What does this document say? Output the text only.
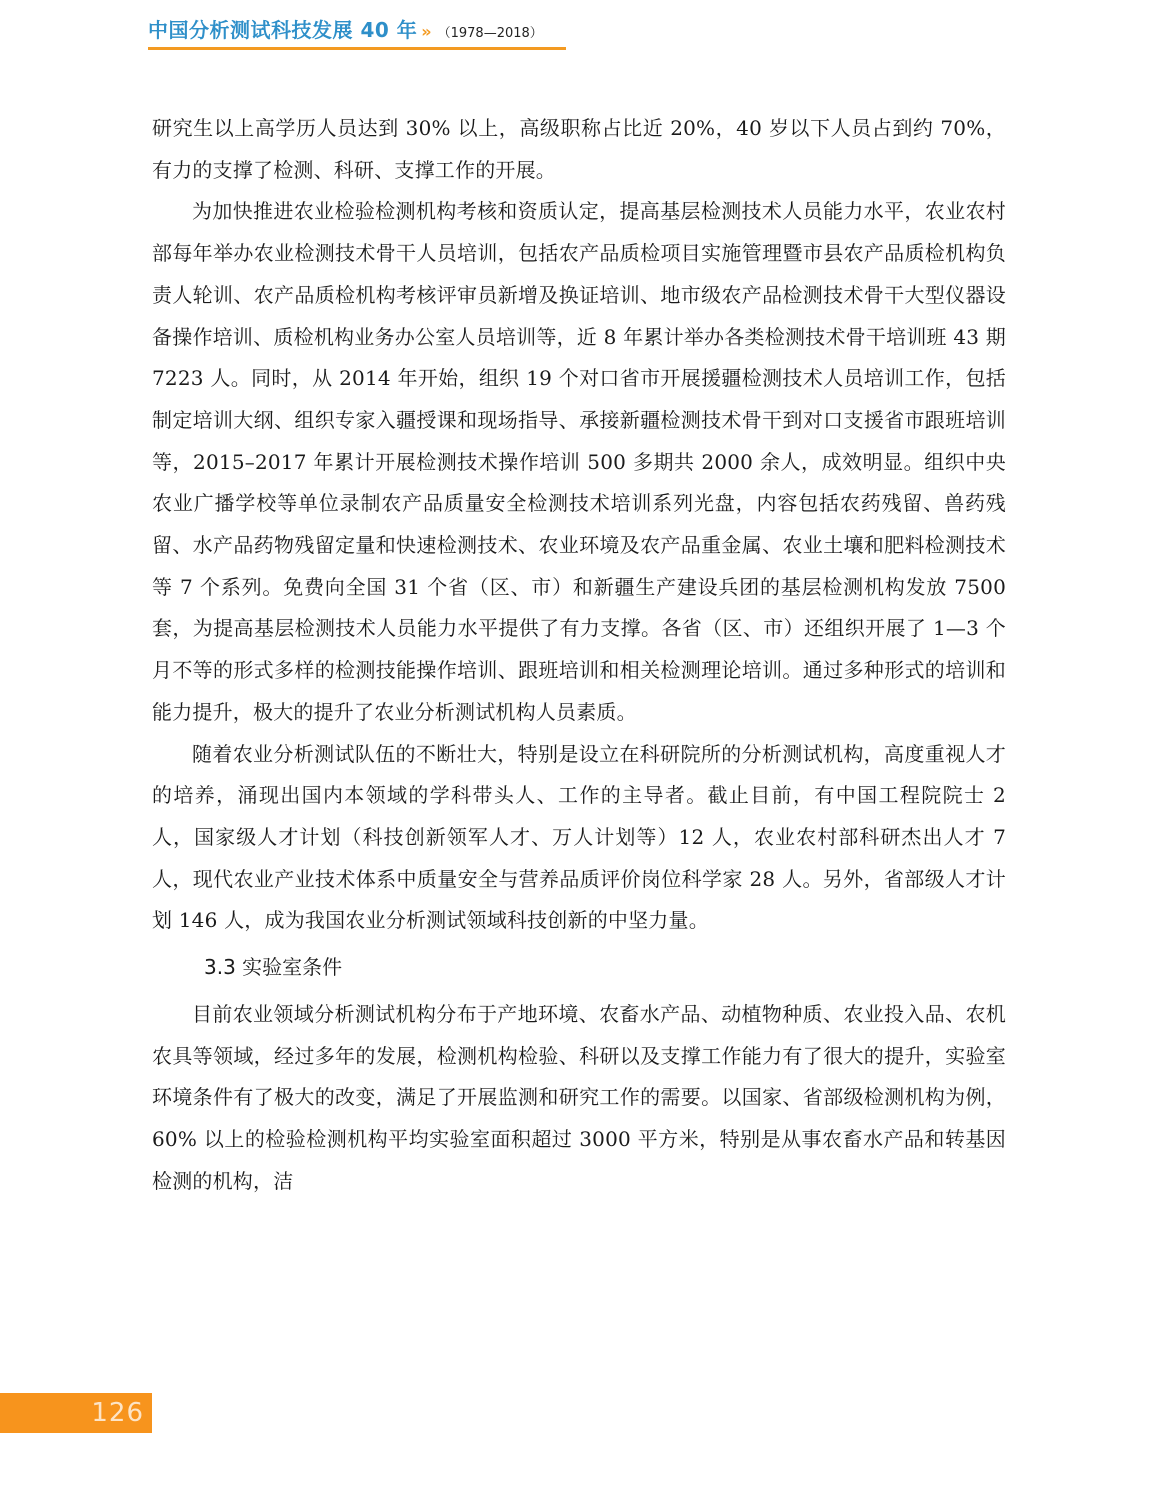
中国分析测试科技发展 40 年 » （1978—2018）

研究生以上高学历人员达到 30% 以上，高级职称占比近 20%，40 岁以下人员占到约 70%，有力的支撑了检测、科研、支撑工作的开展。

为加快推进农业检验检测机构考核和资质认定，提高基层检测技术人员能力水平，农业农村部每年举办农业检测技术骨干人员培训，包括农产品质检项目实施管理暨市县农产品质检机构负责人轮训、农产品质检机构考核评审员新增及换证培训、地市级农产品检测技术骨干大型仪器设备操作培训、质检机构业务办公室人员培训等，近 8 年累计举办各类检测技术骨干培训班 43 期 7223 人。同时，从 2014 年开始，组织 19 个对口省市开展援疆检测技术人员培训工作，包括制定培训大纲、组织专家入疆授课和现场指导、承接新疆检测技术骨干到对口支援省市跟班培训等，2015–2017 年累计开展检测技术操作培训 500 多期共 2000 余人，成效明显。组织中央农业广播学校等单位录制农产品质量安全检测技术培训系列光盘，内容包括农药残留、兽药残留、水产品药物残留定量和快速检测技术、农业环境及农产品重金属、农业土壤和肥料检测技术等 7 个系列。免费向全国 31 个省（区、市）和新疆生产建设兵团的基层检测机构发放 7500 套，为提高基层检测技术人员能力水平提供了有力支撑。各省（区、市）还组织开展了 1—3 个月不等的形式多样的检测技能操作培训、跟班培训和相关检测理论培训。通过多种形式的培训和能力提升，极大的提升了农业分析测试机构人员素质。

随着农业分析测试队伍的不断壮大，特别是设立在科研院所的分析测试机构，高度重视人才的培养，涌现出国内本领域的学科带头人、工作的主导者。截止目前，有中国工程院院士 2 人，国家级人才计划（科技创新领军人才、万人计划等）12 人，农业农村部科研杰出人才 7 人，现代农业产业技术体系中质量安全与营养品质评价岗位科学家 28 人。另外，省部级人才计划 146 人，成为我国农业分析测试领域科技创新的中坚力量。

3.3 实验室条件

目前农业领域分析测试机构分布于产地环境、农畜水产品、动植物种质、农业投入品、农机农具等领域，经过多年的发展，检测机构检验、科研以及支撑工作能力有了很大的提升，实验室环境条件有了极大的改变，满足了开展监测和研究工作的需要。以国家、省部级检测机构为例，60% 以上的检验检测机构平均实验室面积超过 3000 平方米，特别是从事农畜水产品和转基因检测的机构，洁

126
